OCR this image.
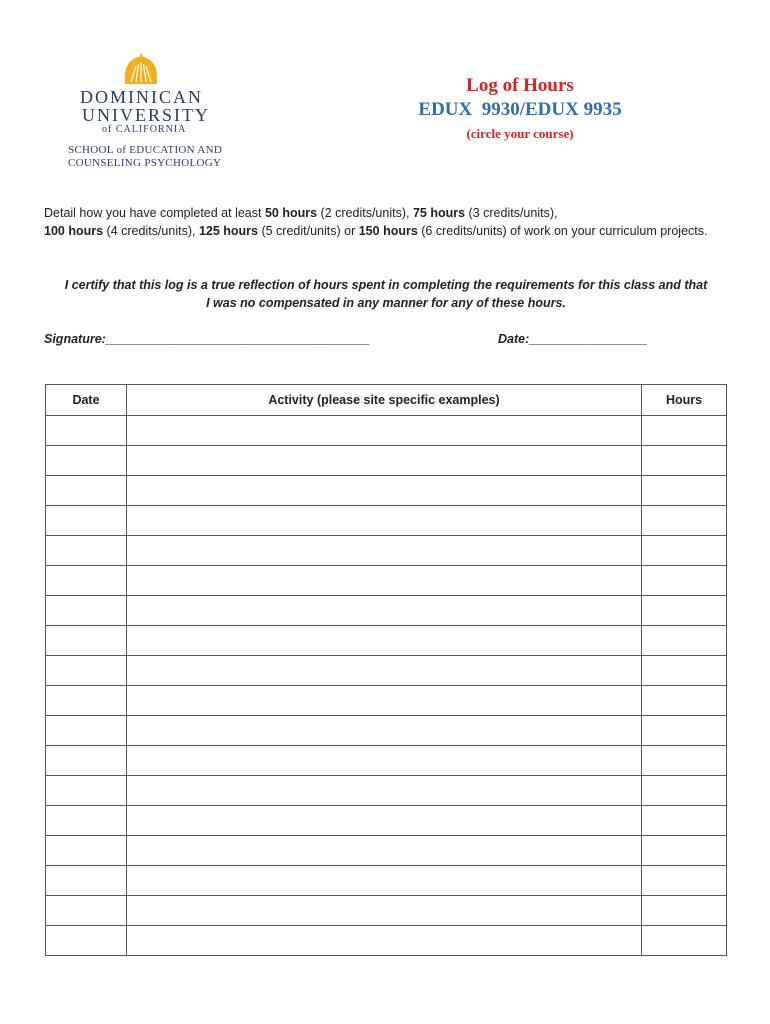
DOMINICAN
UNIVERSITY
of CALIFORNIA
SCHOOL of EDUCATION AND
COUNSELING PSYCHOLOGY
Log of Hours
EDUX  9930/EDUX 9935
(circle your course)
Detail how you have completed at least 50 hours (2 credits/units), 75 hours (3 credits/units),
100 hours (4 credits/units), 125 hours (5 credit/units) or 150 hours (6 credits/units) of work on your curriculum projects.
I certify that this log is a true reflection of hours spent in completing the requirements for this class and that
I was no compensated in any manner for any of these hours.
Signature:______________________________________	Date:_________________
Date	Activity (please site specific examples)	Hours
